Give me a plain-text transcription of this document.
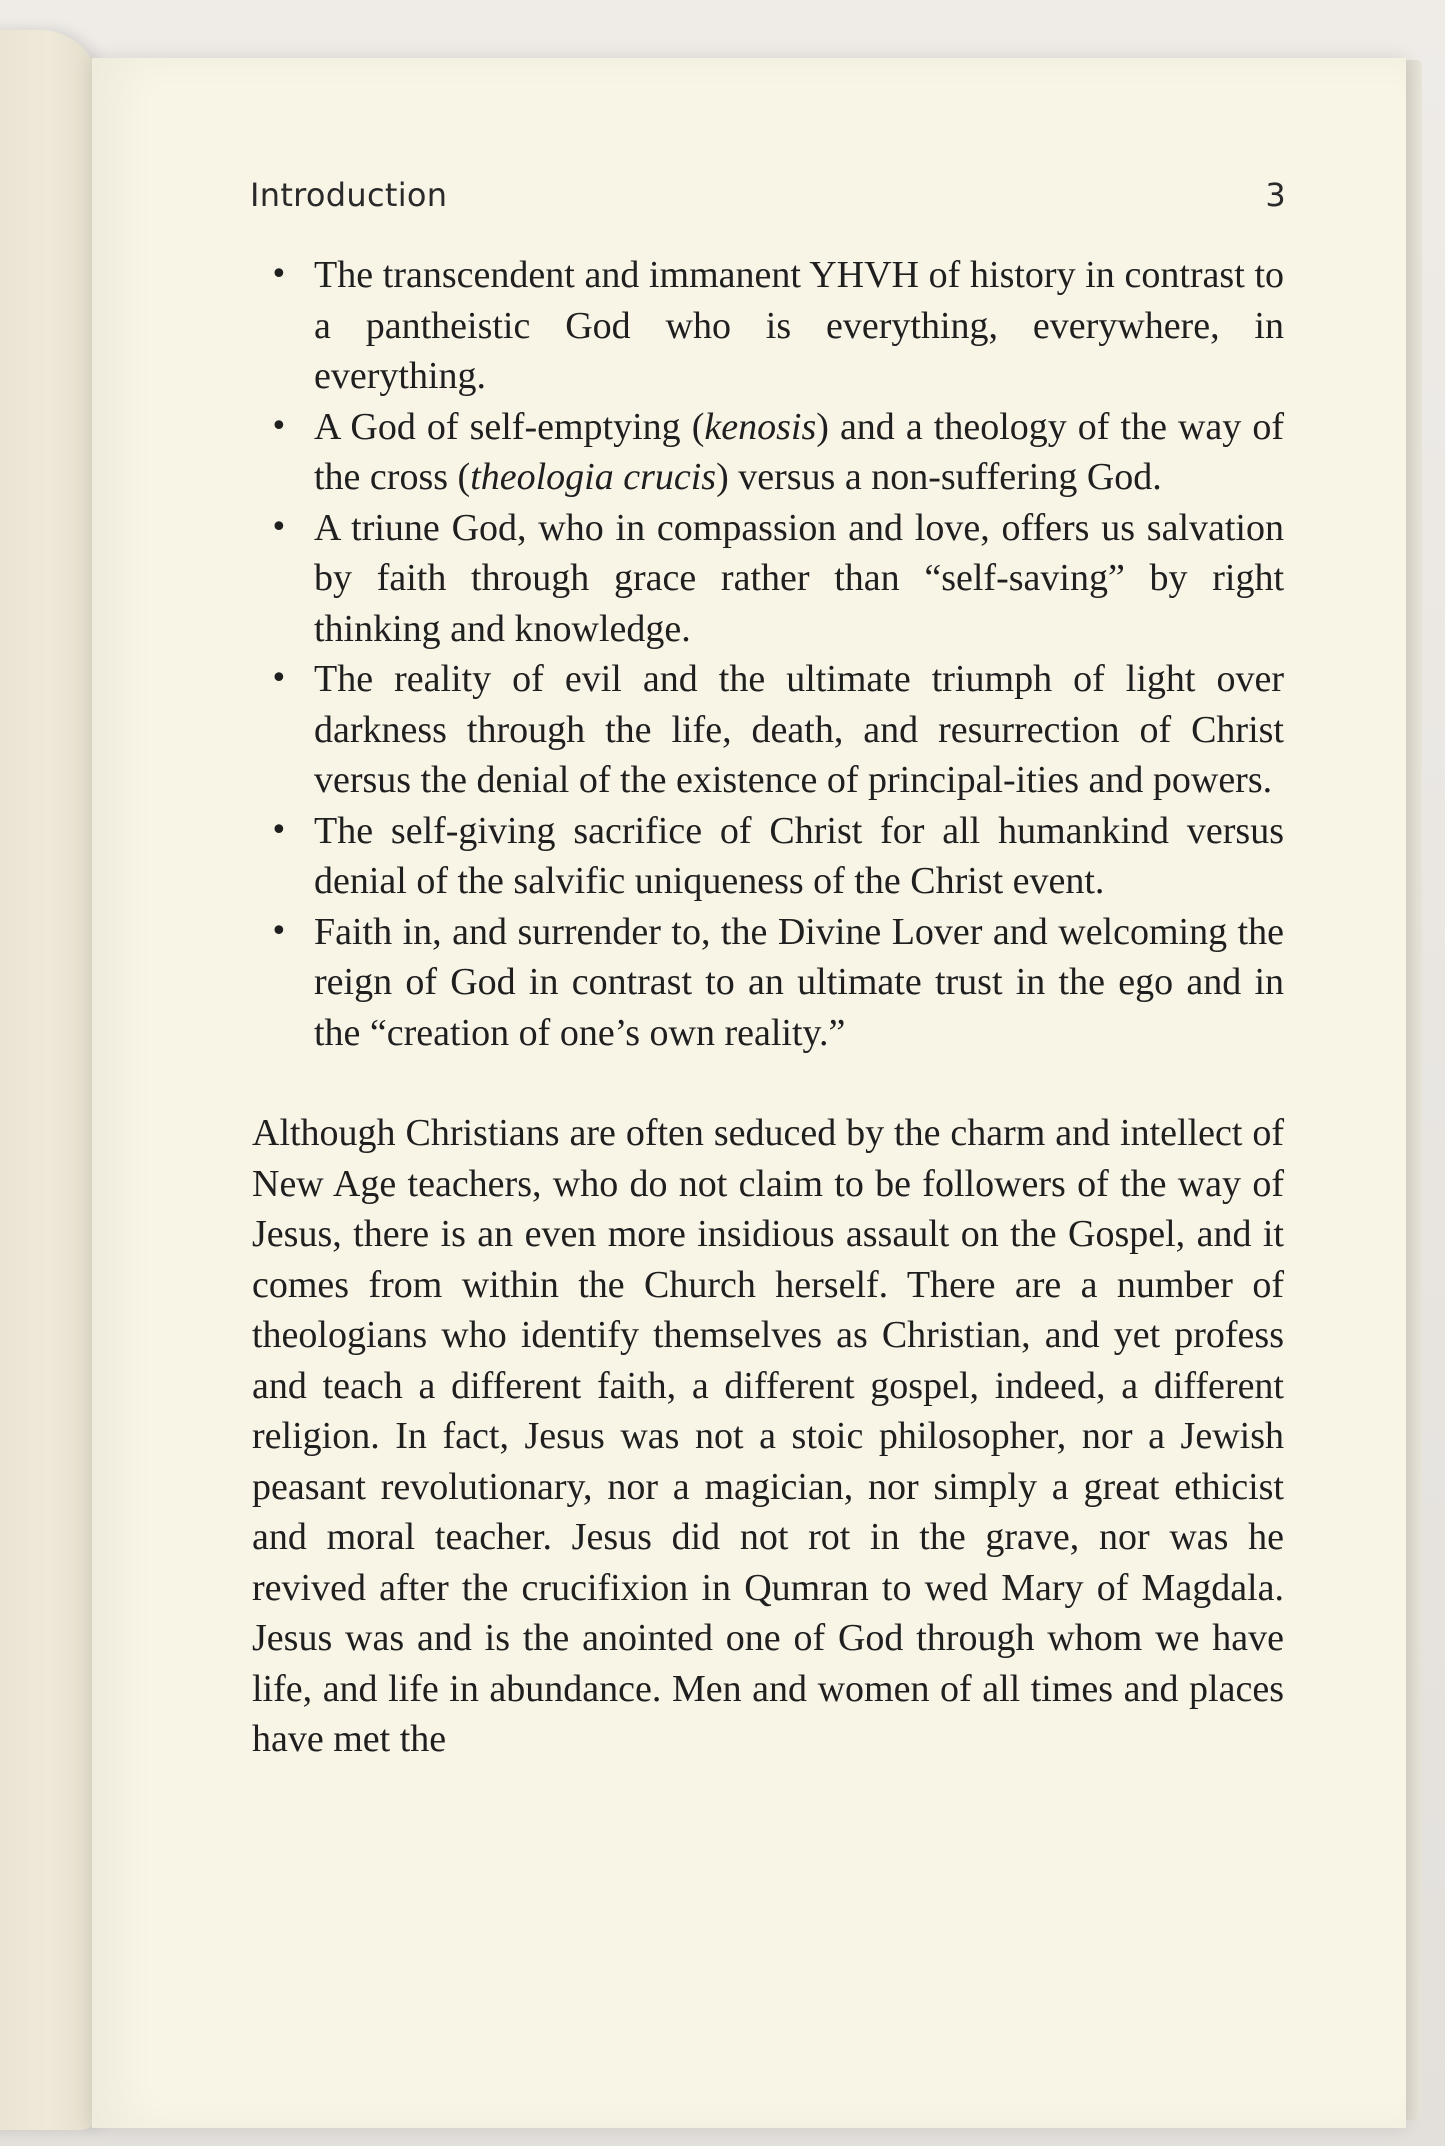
Introduction	3
• The transcendent and immanent YHVH of history in contrast to a pantheistic God who is everything, everywhere, in everything.
• A God of self-emptying (kenosis) and a theology of the way of the cross (theologia crucis) versus a non-suffering God.
• A triune God, who in compassion and love, offers us salvation by faith through grace rather than “self-saving” by right thinking and knowledge.
• The reality of evil and the ultimate triumph of light over darkness through the life, death, and resurrection of Christ versus the denial of the existence of principal-ities and powers.
• The self-giving sacrifice of Christ for all humankind versus denial of the salvific uniqueness of the Christ event.
• Faith in, and surrender to, the Divine Lover and welcoming the reign of God in contrast to an ultimate trust in the ego and in the “creation of one’s own reality.”

Although Christians are often seduced by the charm and intellect of New Age teachers, who do not claim to be followers of the way of Jesus, there is an even more insidious assault on the Gospel, and it comes from within the Church herself. There are a number of theologians who identify themselves as Christian, and yet profess and teach a different faith, a different gospel, indeed, a different religion. In fact, Jesus was not a stoic philosopher, nor a Jewish peasant revolutionary, nor a magician, nor simply a great ethicist and moral teacher. Jesus did not rot in the grave, nor was he revived after the crucifixion in Qumran to wed Mary of Magdala. Jesus was and is the anointed one of God through whom we have life, and life in abundance. Men and women of all times and places have met the
